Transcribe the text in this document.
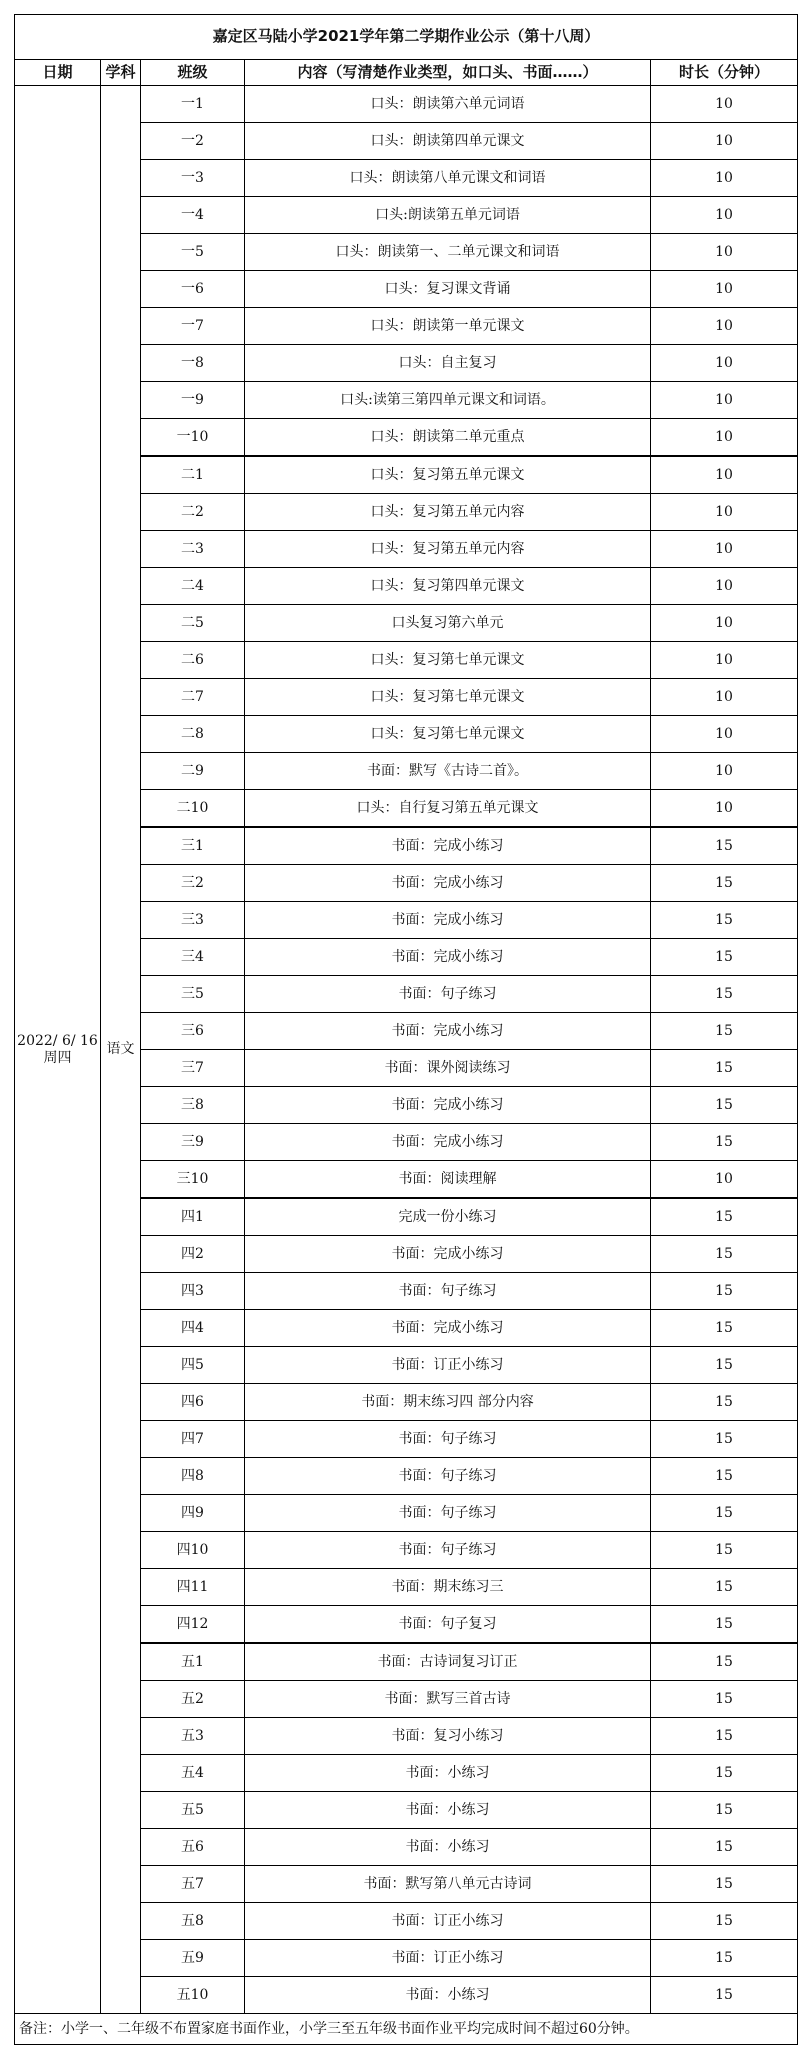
嘉定区马陆小学2021学年第二学期作业公示（第十八周）				
日期	学科	班级	内容（写清楚作业类型，如口头、书面……）	时长（分钟）

2022/ 6/ 16
周四	语文	一1	口头：朗读第六单元词语	10
		一2	口头：朗读第四单元课文	10
		一3	口头：朗读第八单元课文和词语	10
		一4	口头:朗读第五单元词语	10
		一5	口头：朗读第一、二单元课文和词语	10
		一6	口头：复习课文背诵	10
		一7	口头：朗读第一单元课文	10
		一8	口头：自主复习	10
		一9	口头:读第三第四单元课文和词语。	10
		一10	口头：朗读第二单元重点	10
		二1	口头：复习第五单元课文	10
		二2	口头：复习第五单元内容	10
		二3	口头：复习第五单元内容	10
		二4	口头：复习第四单元课文	10
		二5	口头复习第六单元	10
		二6	口头：复习第七单元课文	10
		二7	口头：复习第七单元课文	10
		二8	口头：复习第七单元课文	10
		二9	书面：默写《古诗二首》。	10
		二10	口头：自行复习第五单元课文	10
		三1	书面：完成小练习	15
		三2	书面：完成小练习	15
		三3	书面：完成小练习	15
		三4	书面：完成小练习	15
		三5	书面：句子练习	15
		三6	书面：完成小练习	15
		三7	书面：课外阅读练习	15
		三8	书面：完成小练习	15
		三9	书面：完成小练习	15
		三10	书面：阅读理解	10
		四1	完成一份小练习	15
		四2	书面：完成小练习	15
		四3	书面：句子练习	15
		四4	书面：完成小练习	15
		四5	书面：订正小练习	15
		四6	书面：期末练习四 部分内容	15
		四7	书面：句子练习	15
		四8	书面：句子练习	15
		四9	书面：句子练习	15
		四10	书面：句子练习	15
		四11	书面：期末练习三	15
		四12	书面：句子复习	15
		五1	书面：古诗词复习订正	15
		五2	书面：默写三首古诗	15
		五3	书面：复习小练习	15
		五4	书面：小练习	15
		五5	书面：小练习	15
		五6	书面：小练习	15
		五7	书面：默写第八单元古诗词	15
		五8	书面：订正小练习	15
		五9	书面：订正小练习	15
		五10	书面：小练习	15
备注：小学一、二年级不布置家庭书面作业，小学三至五年级书面作业平均完成时间不超过60分钟。				
